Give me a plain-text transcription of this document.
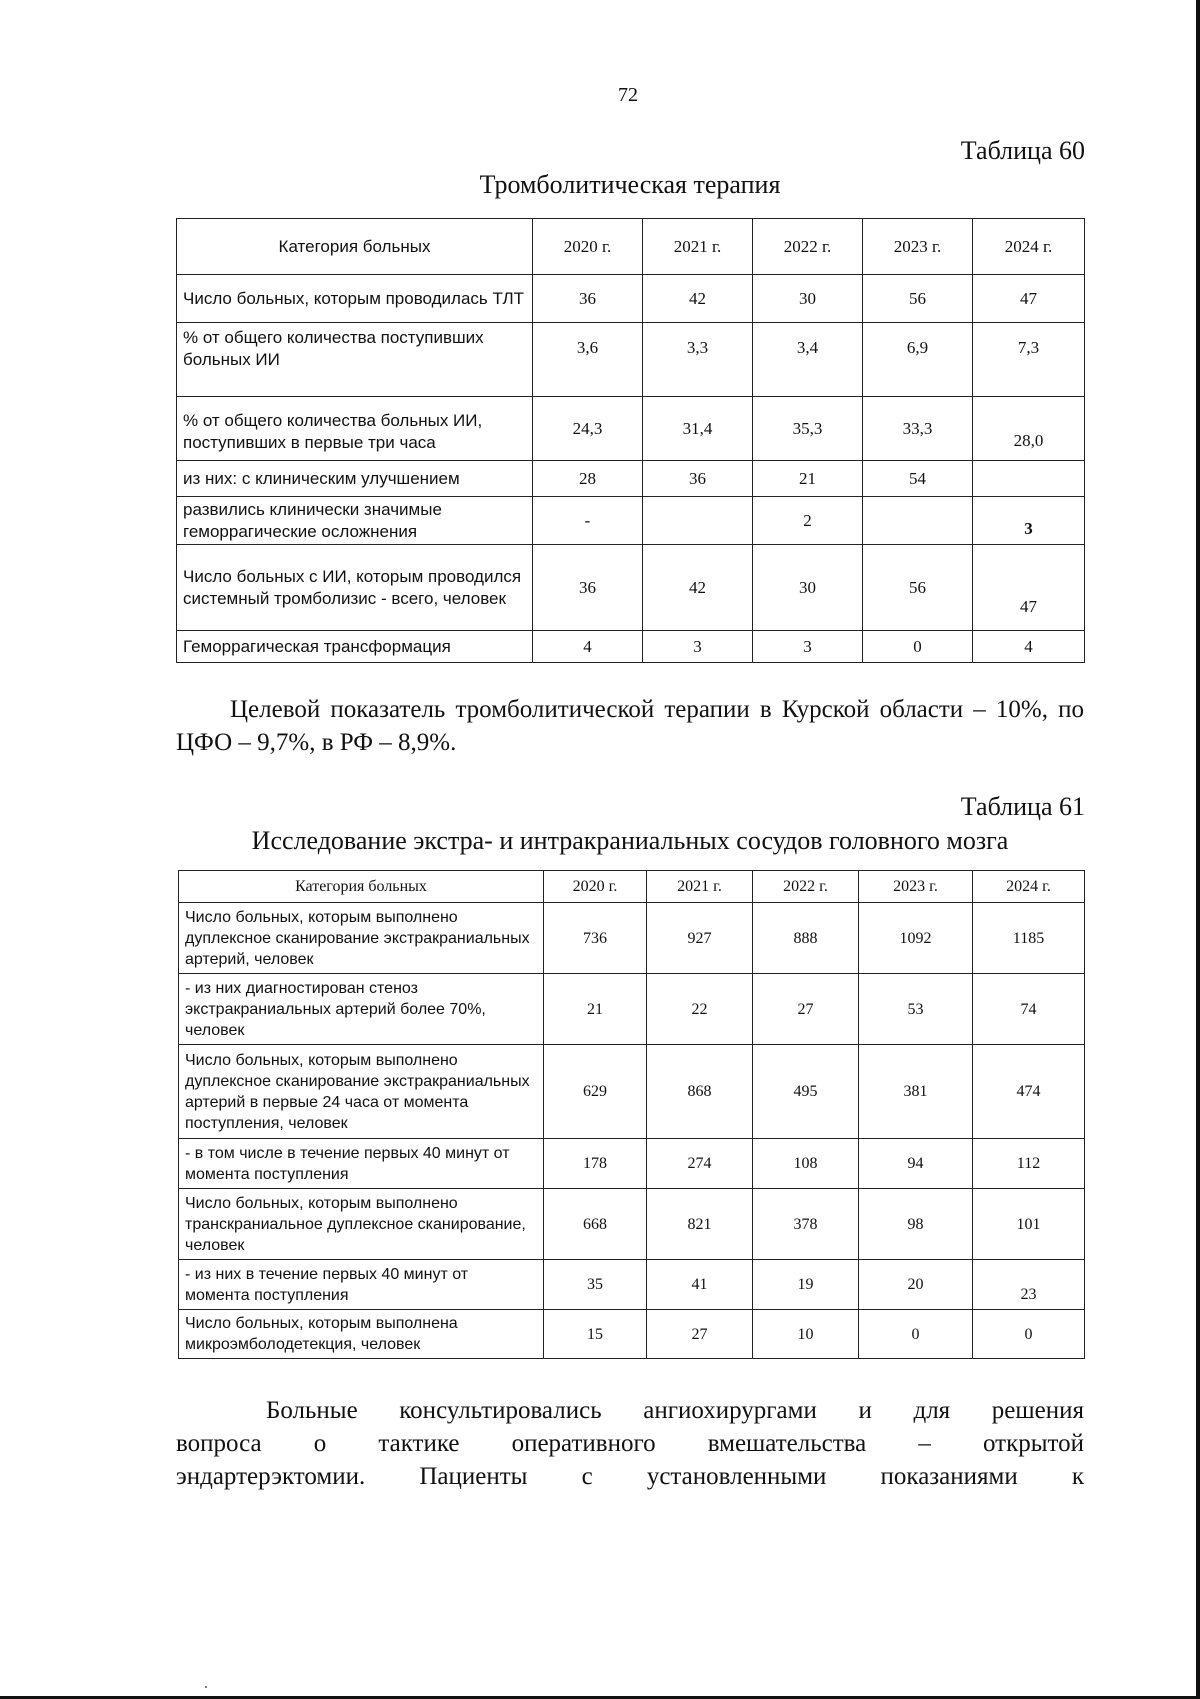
72
Таблица 60
Тромболитическая терапия
Категория больных	2020 г.	2021 г.	2022 г.	2023 г.	2024 г.
Число больных, которым проводилась ТЛТ	36	42	30	56	47
% от общего количества поступивших больных ИИ	3,6	3,3	3,4	6,9	7,3
% от общего количества больных ИИ, поступивших в первые три часа	24,3	31,4	35,3	33,3	28,0
из них: с клиническим улучшением	28	36	21	54	
развились клинически значимые геморрагические осложнения	-		2		3
Число больных с ИИ, которым проводился системный тромболизис - всего, человек	36	42	30	56	47
Геморрагическая трансформация	4	3	3	0	4
Целевой показатель тромболитической терапии в Курской области – 10%, по ЦФО – 9,7%, в РФ – 8,9%.
Таблица 61
Исследование экстра- и интракраниальных сосудов головного мозга
Категория больных	2020 г.	2021 г.	2022 г.	2023 г.	2024 г.
Число больных, которым выполнено дуплексное сканирование экстракраниальных артерий, человек	736	927	888	1092	1185
- из них диагностирован стеноз экстракраниальных артерий более 70%, человек	21	22	27	53	74
Число больных, которым выполнено дуплексное сканирование экстракраниальных артерий в первые 24 часа от момента поступления, человек	629	868	495	381	474
- в том числе в течение первых 40 минут от момента поступления	178	274	108	94	112
Число больных, которым выполнено транскраниальное дуплексное сканирование, человек	668	821	378	98	101
- из них в течение первых 40 минут от момента поступления	35	41	19	20	23
Число больных, которым выполнена микроэмболодетекция, человек	15	27	10	0	0
Больные консультировались ангиохирургами и для решения
вопроса о тактике оперативного вмешательства – открытой
эндартерэктомии. Пациенты с установленными показаниями к
